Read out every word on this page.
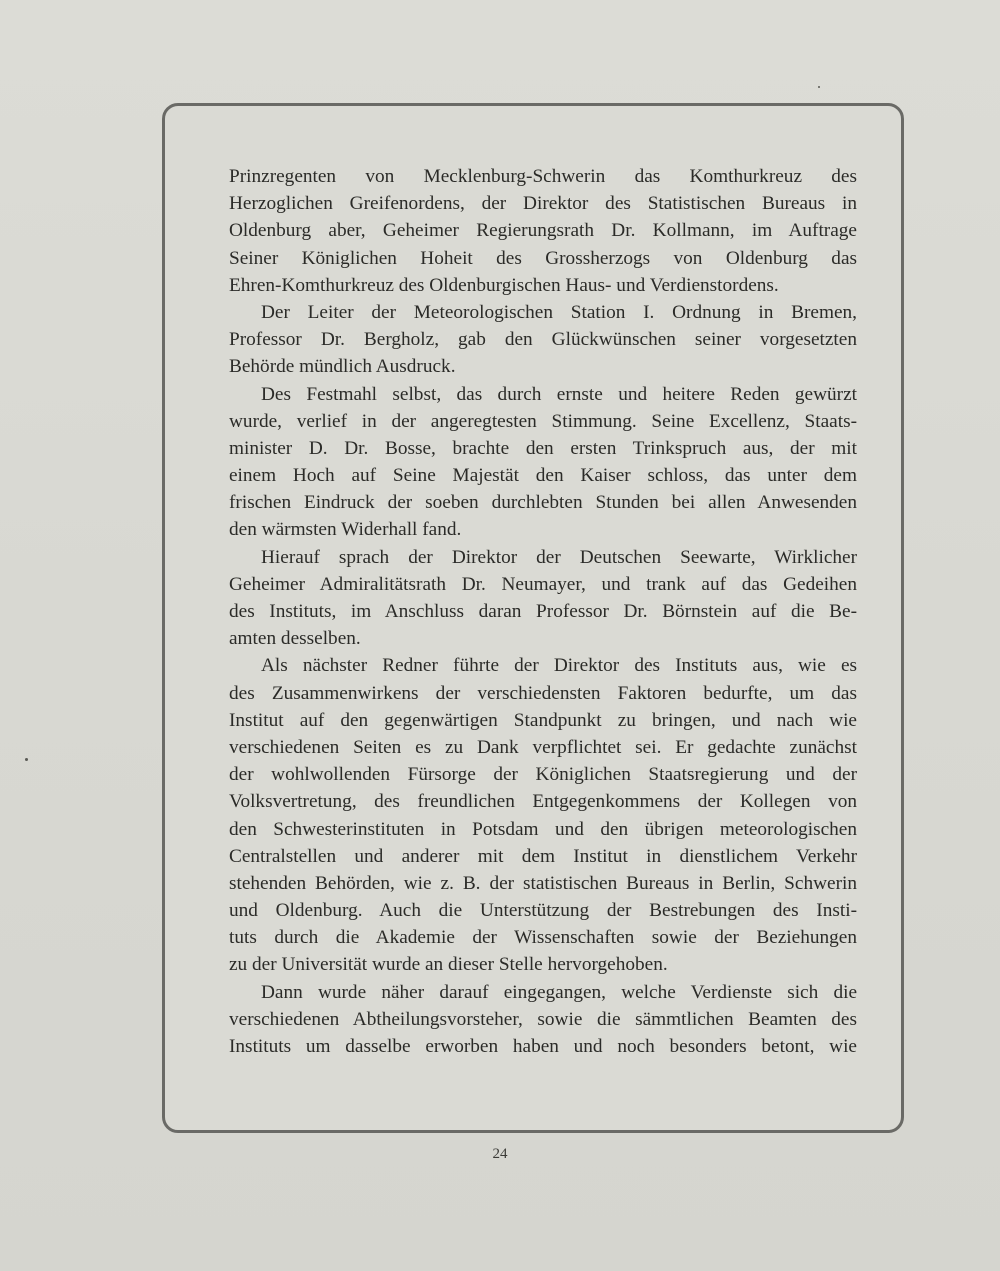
Prinzregenten von Mecklenburg-Schwerin das Komthurkreuz des
Herzoglichen Greifenordens, der Direktor des Statistischen Bureaus in
Oldenburg aber, Geheimer Regierungsrath Dr. Kollmann, im Auftrage
Seiner Königlichen Hoheit des Grossherzogs von Oldenburg das
Ehren-Komthurkreuz des Oldenburgischen Haus- und Verdienstordens.
Der Leiter der Meteorologischen Station I. Ordnung in Bremen,
Professor Dr. Bergholz, gab den Glückwünschen seiner vorgesetzten
Behörde mündlich Ausdruck.
Des Festmahl selbst, das durch ernste und heitere Reden gewürzt
wurde, verlief in der angeregtesten Stimmung. Seine Excellenz, Staats-
minister D. Dr. Bosse, brachte den ersten Trinkspruch aus, der mit
einem Hoch auf Seine Majestät den Kaiser schloss, das unter dem
frischen Eindruck der soeben durchlebten Stunden bei allen Anwesenden
den wärmsten Widerhall fand.
Hierauf sprach der Direktor der Deutschen Seewarte, Wirklicher
Geheimer Admiralitätsrath Dr. Neumayer, und trank auf das Gedeihen
des Instituts, im Anschluss daran Professor Dr. Börnstein auf die Be-
amten desselben.
Als nächster Redner führte der Direktor des Instituts aus, wie es
des Zusammenwirkens der verschiedensten Faktoren bedurfte, um das
Institut auf den gegenwärtigen Standpunkt zu bringen, und nach wie
verschiedenen Seiten es zu Dank verpflichtet sei. Er gedachte zunächst
der wohlwollenden Fürsorge der Königlichen Staatsregierung und der
Volksvertretung, des freundlichen Entgegenkommens der Kollegen von
den Schwesterinstituten in Potsdam und den übrigen meteorologischen
Centralstellen und anderer mit dem Institut in dienstlichem Verkehr
stehenden Behörden, wie z. B. der statistischen Bureaus in Berlin, Schwerin
und Oldenburg. Auch die Unterstützung der Bestrebungen des Insti-
tuts durch die Akademie der Wissenschaften sowie der Beziehungen
zu der Universität wurde an dieser Stelle hervorgehoben.
Dann wurde näher darauf eingegangen, welche Verdienste sich die
verschiedenen Abtheilungsvorsteher, sowie die sämmtlichen Beamten des
Instituts um dasselbe erworben haben und noch besonders betont, wie
24
